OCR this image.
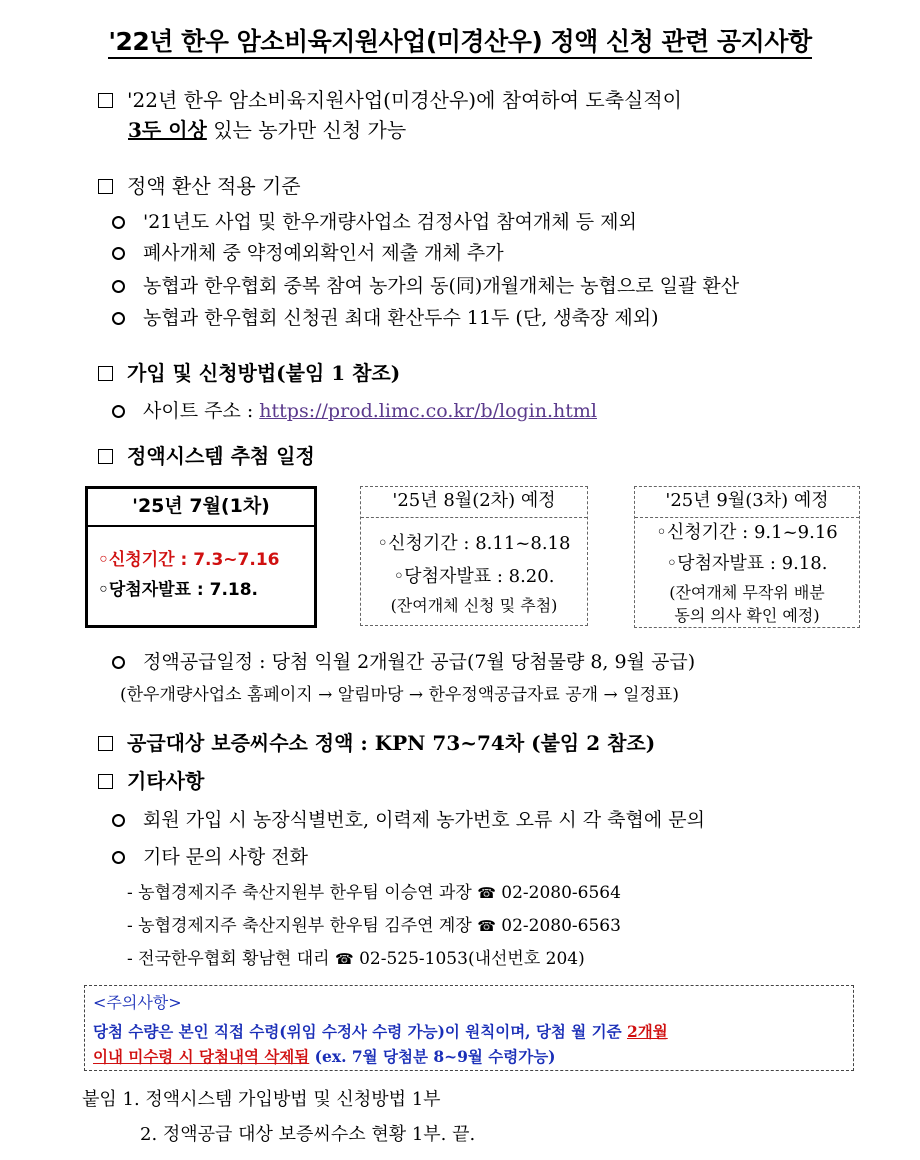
'22년 한우 암소비육지원사업(미경산우) 정액 신청 관련 공지사항
'22년 한우 암소비육지원사업(미경산우)에 참여하여 도축실적이
3두 이상 있는 농가만 신청 가능
정액 환산 적용 기준
'21년도 사업 및 한우개량사업소 검정사업 참여개체 등 제외
폐사개체 중 약정예외확인서 제출 개체 추가
농협과 한우협회 중복 참여 농가의 동(同)개월개체는 농협으로 일괄 환산
농협과 한우협회 신청권 최대 환산두수 11두 (단, 생축장 제외)
가입 및 신청방법(붙임 1 참조)
사이트 주소 : https://prod.limc.co.kr/b/login.html
정액시스템 추첨 일정
'25년 7월(1차)
◦신청기간 : 7.3~7.16
◦당첨자발표 : 7.18.
'25년 8월(2차) 예정
◦신청기간 : 8.11~8.18
◦당첨자발표 : 8.20.
(잔여개체 신청 및 추첨)
'25년 9월(3차) 예정
◦신청기간 : 9.1~9.16
◦당첨자발표 : 9.18.
(잔여개체 무작위 배분
동의 의사 확인 예정)
정액공급일정 : 당첨 익월 2개월간 공급(7월 당첨물량 8, 9월 공급)
(한우개량사업소 홈페이지 → 알림마당 → 한우정액공급자료 공개 → 일정표)
공급대상 보증씨수소 정액 : KPN 73~74차 (붙임 2 참조)
기타사항
회원 가입 시 농장식별번호, 이력제 농가번호 오류 시 각 축협에 문의
기타 문의 사항 전화
- 농협경제지주 축산지원부 한우팀 이승연 과장 ☎ 02-2080-6564
- 농협경제지주 축산지원부 한우팀 김주연 계장 ☎ 02-2080-6563
- 전국한우협회 황남현 대리 ☎ 02-525-1053(내선번호 204)
<주의사항>
당첨 수량은 본인 직접 수령(위임 수정사 수령 가능)이 원칙이며, 당첨 월 기준 2개월
이내 미수령 시 당첨내역 삭제됨 (ex. 7월 당첨분 8~9월 수령가능)
붙임 1. 정액시스템 가입방법 및 신청방법 1부
2. 정액공급 대상 보증씨수소 현황 1부. 끝.
